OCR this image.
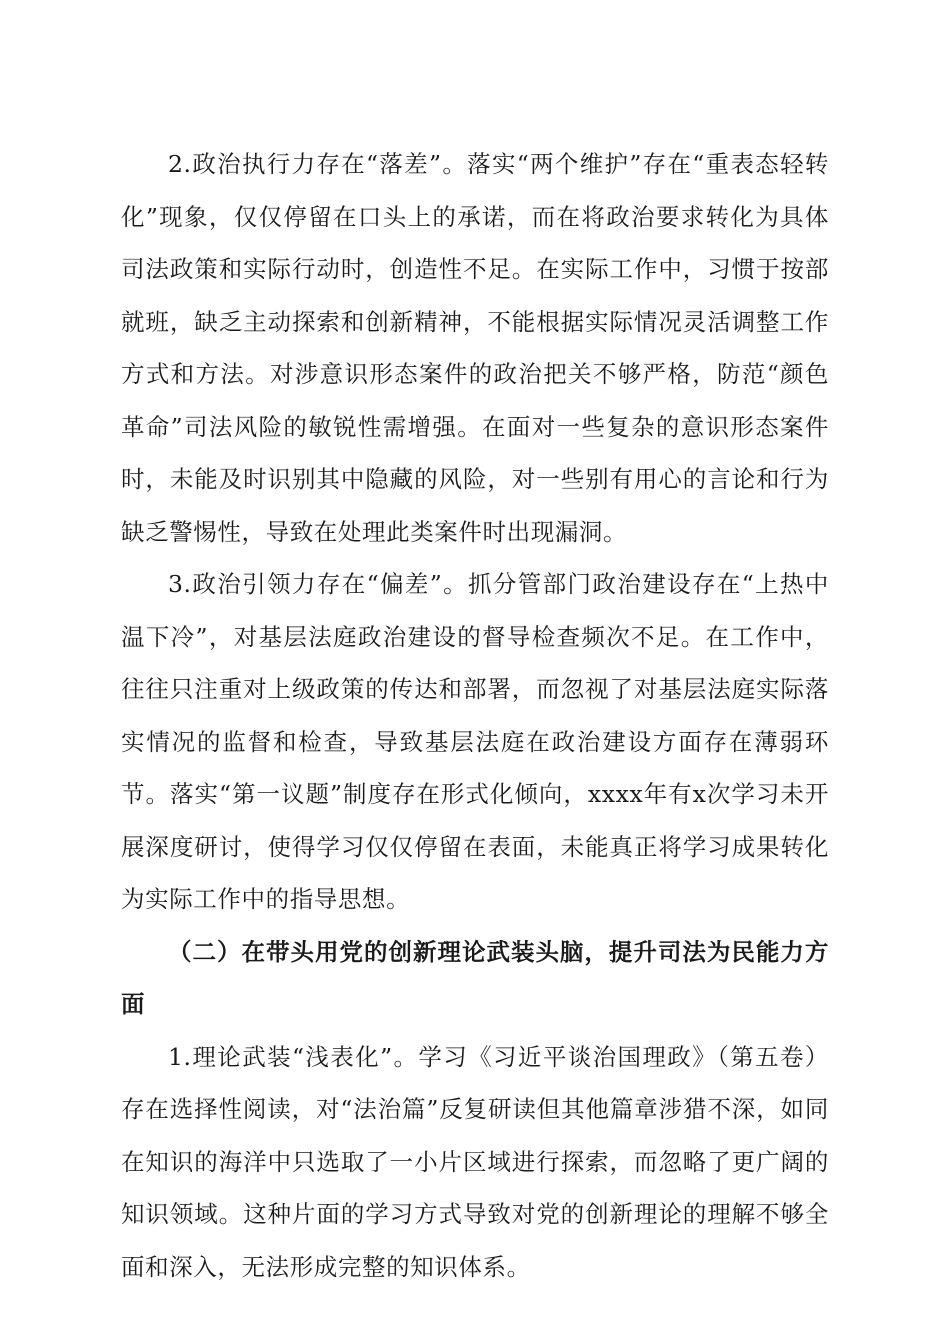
2.政治执行力存在“落差”。落实“两个维护”存在“重表态轻转化”现象，仅仅停留在口头上的承诺，而在将政治要求转化为具体司法政策和实际行动时，创造性不足。在实际工作中，习惯于按部就班，缺乏主动探索和创新精神，不能根据实际情况灵活调整工作方式和方法。对涉意识形态案件的政治把关不够严格，防范“颜色革命”司法风险的敏锐性需增强。在面对一些复杂的意识形态案件时，未能及时识别其中隐藏的风险，对一些别有用心的言论和行为缺乏警惕性，导致在处理此类案件时出现漏洞。

3.政治引领力存在“偏差”。抓分管部门政治建设存在“上热中温下冷”，对基层法庭政治建设的督导检查频次不足。在工作中，往往只注重对上级政策的传达和部署，而忽视了对基层法庭实际落实情况的监督和检查，导致基层法庭在政治建设方面存在薄弱环节。落实“第一议题”制度存在形式化倾向，xxxx年有x次学习未开展深度研讨，使得学习仅仅停留在表面，未能真正将学习成果转化为实际工作中的指导思想。

（二）在带头用党的创新理论武装头脑，提升司法为民能力方面

1.理论武装“浅表化”。学习《习近平谈治国理政》（第五卷）存在选择性阅读，对“法治篇”反复研读但其他篇章涉猎不深，如同在知识的海洋中只选取了一小片区域进行探索，而忽略了更广阔的知识领域。这种片面的学习方式导致对党的创新理论的理解不够全面和深入，无法形成完整的知识体系。
